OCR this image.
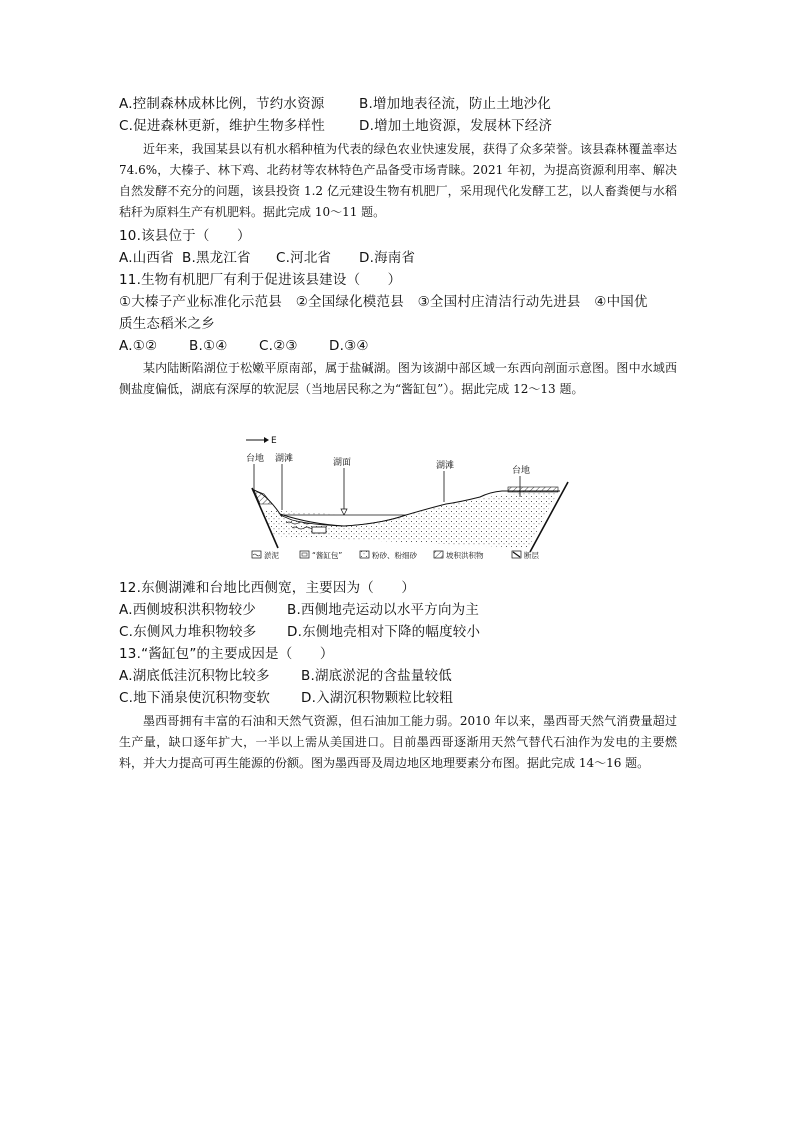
A.控制森林成林比例，节约水资源	B.增加地表径流，防止土地沙化
C.促进森林更新，维护生物多样性	D.增加土地资源，发展林下经济
近年来，我国某县以有机水稻种植为代表的绿色农业快速发展，获得了众多荣誉。该县森林覆盖率达 74.6%，大榛子、林下鸡、北药材等农林特色产品备受市场青睐。2021 年初，为提高资源利用率、解决自然发酵不充分的问题，该县投资 1.2 亿元建设生物有机肥厂，采用现代化发酵工艺，以人畜粪便与水稻秸秆为原料生产有机肥料。据此完成 10～11 题。
10.该县位于（　　）
A.山西省 B.黑龙江省 C.河北省 D.海南省
11.生物有机肥厂有利于促进该县建设（　　）
①大榛子产业标准化示范县　②全国绿化模范县　③全国村庄清洁行动先进县　④中国优
质生态稻米之乡
A.①② B.①④ C.②③ D.③④
某内陆断陷湖位于松嫩平原南部，属于盐碱湖。图为该湖中部区域一东西向剖面示意图。图中水域西侧盐度偏低，湖底有深厚的软泥层（当地居民称之为“酱缸包”）。据此完成 12～13 题。
E
台地 湖滩	湖面	湖滩	台地
淤泥	“酱缸包”	粉砂、粉细砂	坡积洪积物	断层
12.东侧湖滩和台地比西侧宽，主要因为（　　）
A.西侧坡积洪积物较少 B.西侧地壳运动以水平方向为主
C.东侧风力堆积物较多 D.东侧地壳相对下降的幅度较小
13.“酱缸包”的主要成因是（　　）
A.湖底低洼沉积物比较多 B.湖底淤泥的含盐量较低
C.地下涌泉使沉积物变软 D.入湖沉积物颗粒比较粗
墨西哥拥有丰富的石油和天然气资源，但石油加工能力弱。2010 年以来，墨西哥天然气消费量超过生产量，缺口逐年扩大，一半以上需从美国进口。目前墨西哥逐渐用天然气替代石油作为发电的主要燃料，并大力提高可再生能源的份额。图为墨西哥及周边地区地理要素分布图。据此完成 14～16 题。
